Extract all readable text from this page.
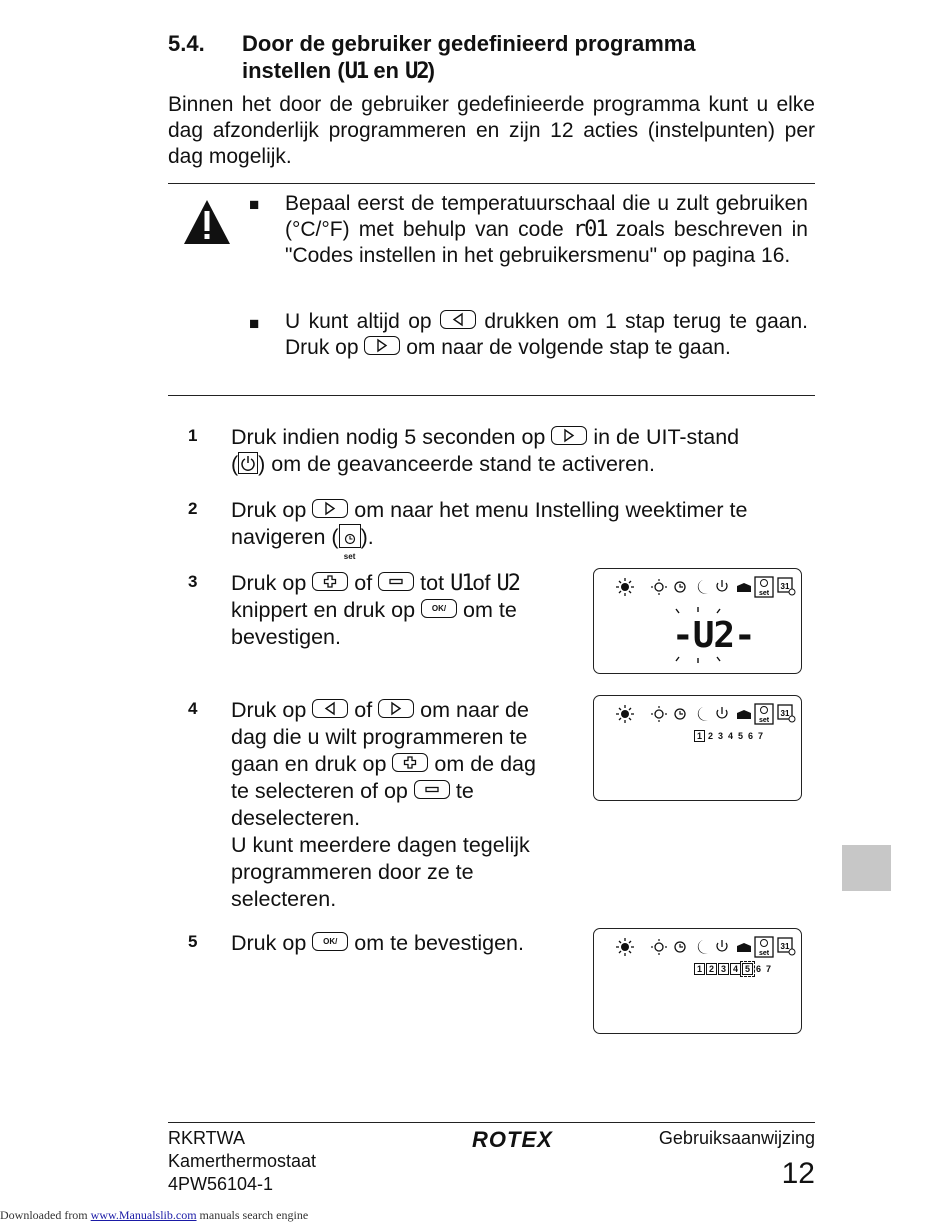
5.4.	Door de gebruiker gedefinieerd programma
instellen (U1 en U2)
Binnen het door de gebruiker gedefinieerde programma kunt u elke dag afzonderlijk programmeren en zijn 12 acties (instelpunten) per dag mogelijk.
■ Bepaal eerst de temperatuurschaal die u zult gebruiken (°C/°F) met behulp van code r01 zoals beschreven in "Codes instellen in het gebruikersmenu" op pagina 16.
■ U kunt altijd op	drukken om 1 stap terug te gaan. Druk op om naar de volgende stap te gaan.
1 Druk indien nodig 5 seconden op in de UIT-stand
( ) om de geavanceerde stand te activeren.
2 Druk op om naar het menu Instelling weektimer te
navigeren (
set
).
3 Druk op of tot U1of U2
knippert en druk op OK/ om te
bevestigen.
4 Druk op of om naar de
dag die u wilt programmeren te
gaan en druk op om de dag
te selecteren of op te
deselecteren.
U kunt meerdere dagen tegelijk
programmeren door ze te
selecteren.
5 Druk op OK/ om te bevestigen.
set
31
-U2-
set
31
1 2 3 4 5 6 7
set
31
1 2 3 4 5 6 7
RKRTWA
Kamerthermostaat
4PW56104-1
ROTEX	Gebruiksaanwijzing
12
Downloaded from www.Manualslib.com manuals search engine
